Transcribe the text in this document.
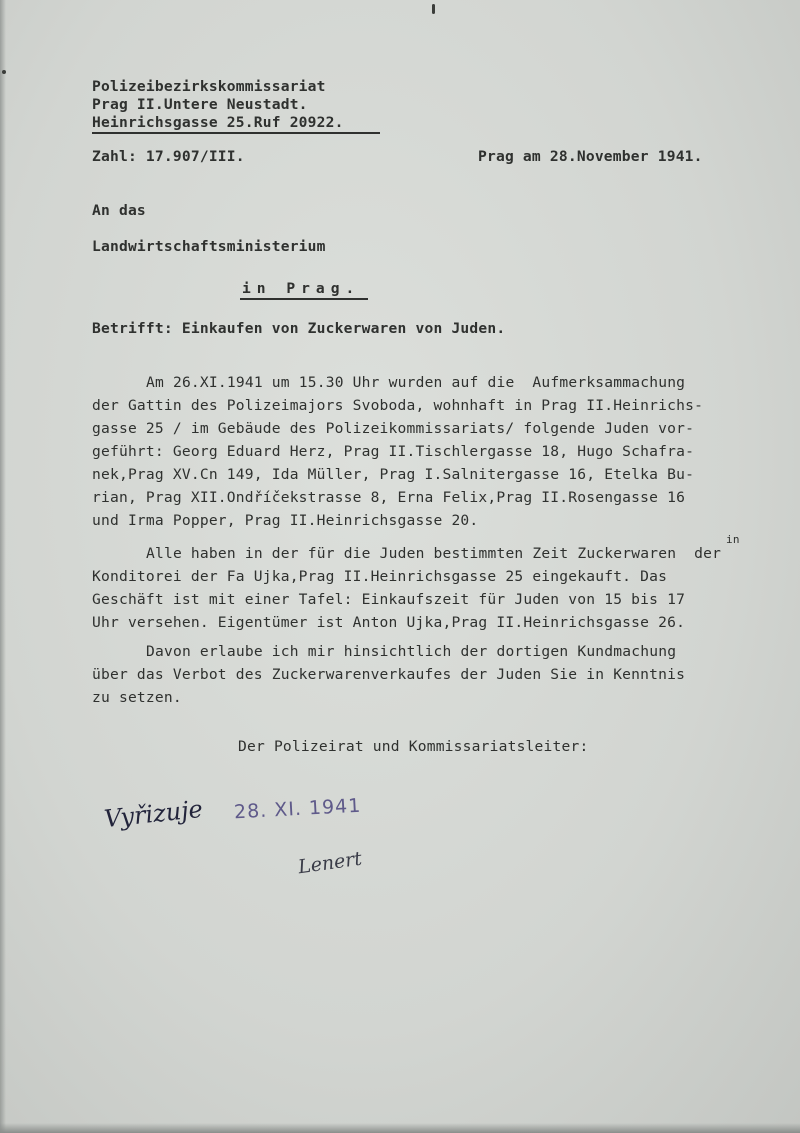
Polizeibezirkskommissariat
Prag II.Untere Neustadt.
Heinrichsgasse 25.Ruf 20922.
Zahl: 17.907/III.	Prag am 28.November 1941.
An das
Landwirtschaftsministerium
in Prag.
Betrifft: Einkaufen von Zuckerwaren von Juden.
Am 26.XI.1941 um 15.30 Uhr wurden auf die  Aufmerksammachung
der Gattin des Polizeimajors Svoboda, wohnhaft in Prag II.Heinrichs-
gasse 25 / im Gebäude des Polizeikommissariats/ folgende Juden vor-
geführt: Georg Eduard Herz, Prag II.Tischlergasse 18, Hugo Schafra-
nek,Prag XV.Cn 149, Ida Müller, Prag I.Salnitergasse 16, Etelka Bu-
rian, Prag XII.Ondříčekstrasse 8, Erna Felix,Prag II.Rosengasse 16
und Irma Popper, Prag II.Heinrichsgasse 20.
in
Alle haben in der für die Juden bestimmten Zeit Zuckerwaren  der
Konditorei der Fa Ujka,Prag II.Heinrichsgasse 25 eingekauft. Das
Geschäft ist mit einer Tafel: Einkaufszeit für Juden von 15 bis 17
Uhr versehen. Eigentümer ist Anton Ujka,Prag II.Heinrichsgasse 26.
Davon erlaube ich mir hinsichtlich der dortigen Kundmachung
über das Verbot des Zuckerwarenverkaufes der Juden Sie in Kenntnis
zu setzen.
Der Polizeirat und Kommissariatsleiter:
Vyřizuje 28. XI. 1941
Lenert
